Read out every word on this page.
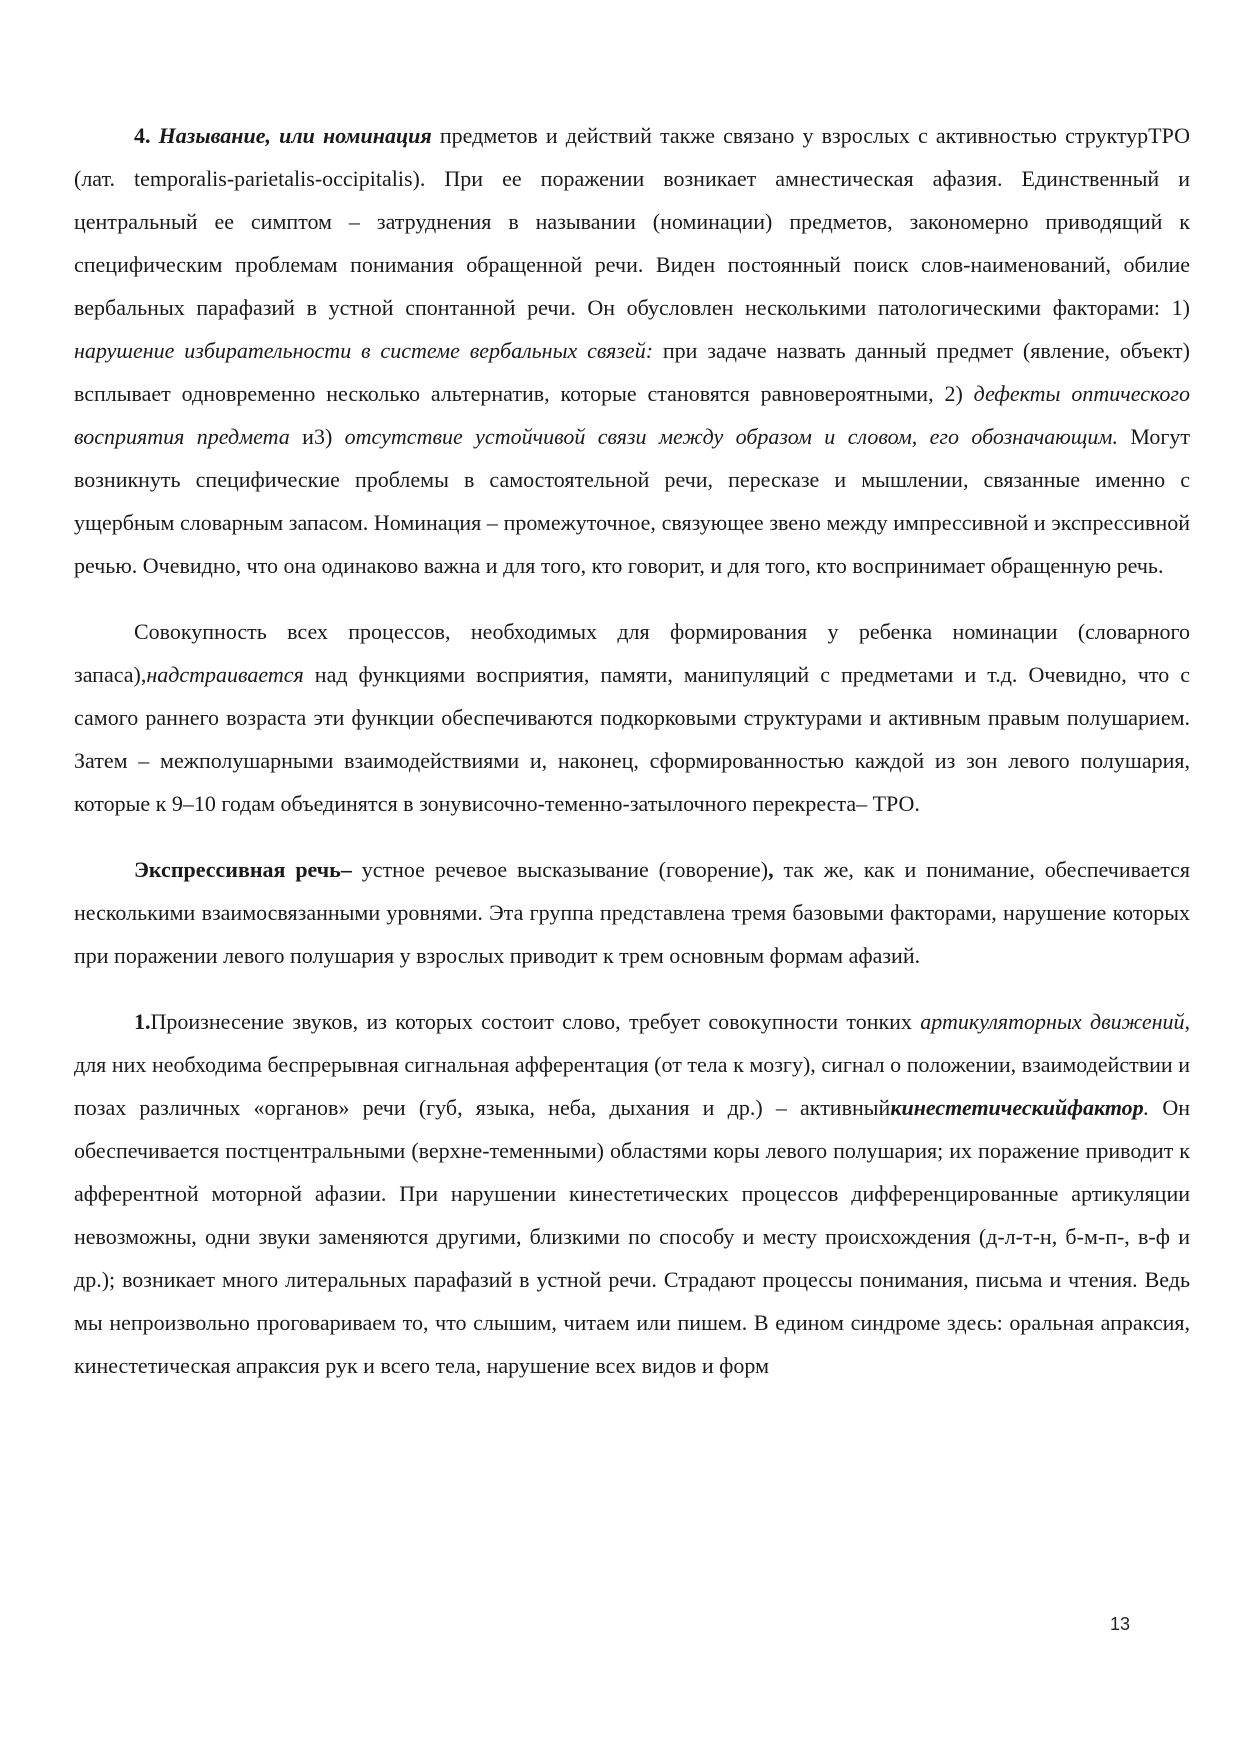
4. Называние, или номинация предметов и действий также связано у взрослых с активностью структурТРО (лат. temporalis-parietalis-occipitalis). При ее поражении возникает амнестическая афазия. Единственный и центральный ее симптом – затруднения в назывании (номинации) предметов, закономерно приводящий к специфическим проблемам понимания обращенной речи. Виден постоянный поиск слов-наименований, обилие вербальных парафазий в устной спонтанной речи. Он обусловлен несколькими патологическими факторами: 1) нарушение избирательности в системе вербальных связей: при задаче назвать данный предмет (явление, объект) всплывает одновременно несколько альтернатив, которые становятся равновероятными, 2) дефекты оптического восприятия предмета и3) отсутствие устойчивой связи между образом и словом, его обозначающим. Могут возникнуть специфические проблемы в самостоятельной речи, пересказе и мышлении, связанные именно с ущербным словарным запасом. Номинация – промежуточное, связующее звено между импрессивной и экспрессивной речью. Очевидно, что она одинаково важна и для того, кто говорит, и для того, кто воспринимает обращенную речь.

Совокупность всех процессов, необходимых для формирования у ребенка номинации (словарного запаса),надстраивается над функциями восприятия, памяти, манипуляций с предметами и т.д. Очевидно, что с самого раннего возраста эти функции обеспечиваются подкорковыми структурами и активным правым полушарием. Затем – межполушарными взаимодействиями и, наконец, сформированностью каждой из зон левого полушария, которые к 9–10 годам объединятся в зонувисочно-теменно-затылочного перекреста– ТРО.

Экспрессивная речь– устное речевое высказывание (говорение), так же, как и понимание, обеспечивается несколькими взаимосвязанными уровнями. Эта группа представлена тремя базовыми факторами, нарушение которых при поражении левого полушария у взрослых приводит к трем основным формам афазий.

1.Произнесение звуков, из которых состоит слово, требует совокупности тонких артикуляторных движений, для них необходима беспрерывная сигнальная афферентация (от тела к мозгу), сигнал о положении, взаимодействии и позах различных «органов» речи (губ, языка, неба, дыхания и др.) – активныйкинестетическийфактор. Он обеспечивается постцентральными (верхне-теменными) областями коры левого полушария; их поражение приводит к афферентной моторной афазии. При нарушении кинестетических процессов дифференцированные артикуляции невозможны, одни звуки заменяются другими, близкими по способу и месту происхождения (д-л-т-н, б-м-п-, в-ф и др.); возникает много литеральных парафазий в устной речи. Страдают процессы понимания, письма и чтения. Ведь мы непроизвольно проговариваем то, что слышим, читаем или пишем. В едином синдроме здесь: оральная апраксия, кинестетическая апраксия рук и всего тела, нарушение всех видов и форм

13
